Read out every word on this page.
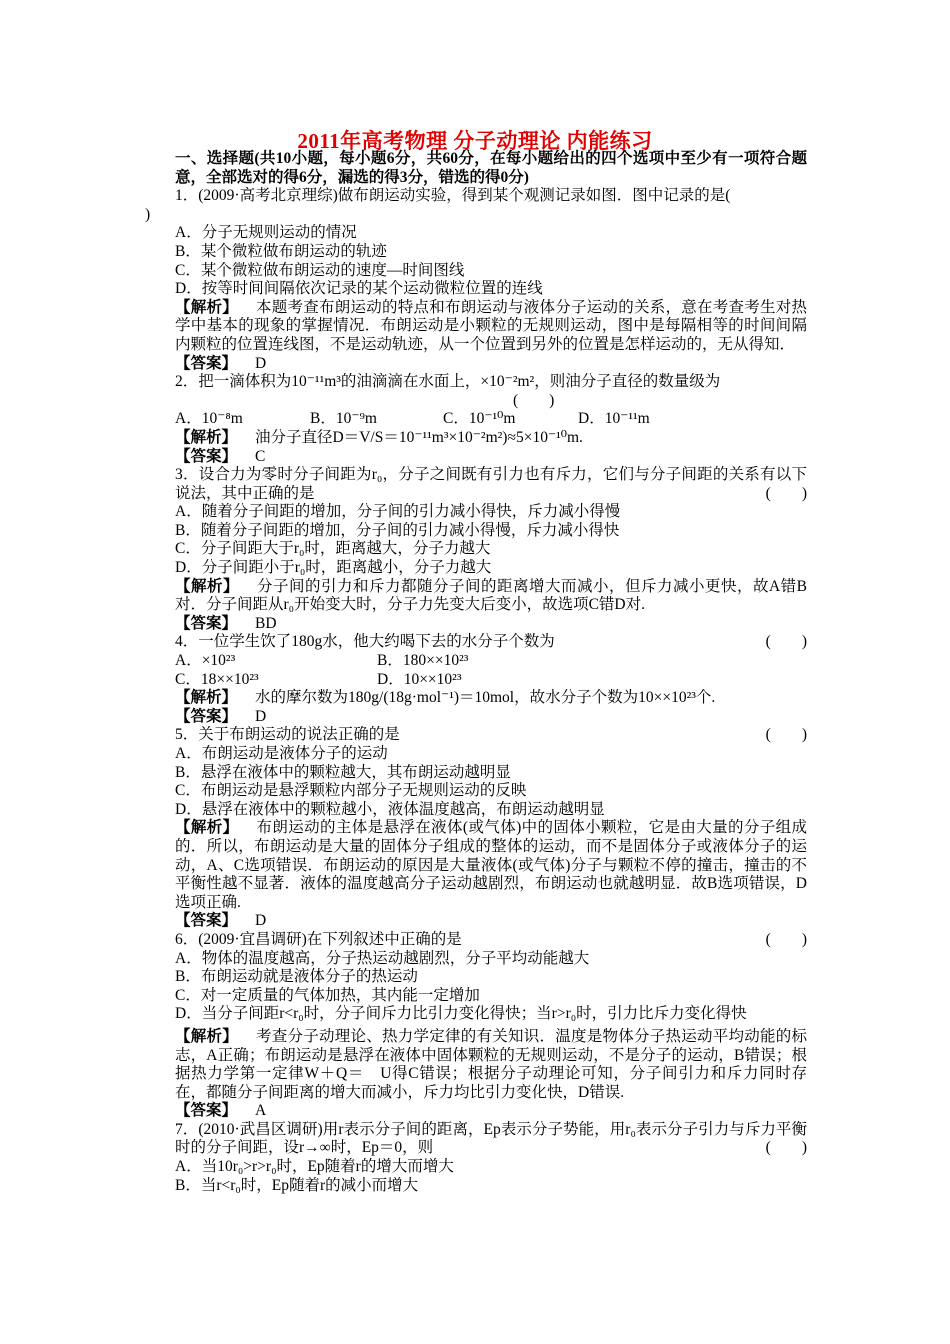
2011年高考物理 分子动理论 内能练习
一、选择题(共10小题，每小题6分，共60分，在每小题给出的四个选项中至少有一项符合题意，全部选对的得6分，漏选的得3分，错选的得0分)
1．(2009·高考北京理综)做布朗运动实验，得到某个观测记录如图．图中记录的是(
)
A．分子无规则运动的情况
B．某个微粒做布朗运动的轨迹
C．某个微粒做布朗运动的速度—时间图线
D．按等时间间隔依次记录的某个运动微粒位置的连线
【解析】 本题考查布朗运动的特点和布朗运动与液体分子运动的关系，意在考查考生对热学中基本的现象的掌握情况．布朗运动是小颗粒的无规则运动，图中是每隔相等的时间间隔内颗粒的位置连线图，不是运动轨迹，从一个位置到另外的位置是怎样运动的，无从得知．
【答案】 D
2．把一滴体积为10⁻¹¹m³的油滴滴在水面上，×10⁻²m²，则油分子直径的数量级为
(　　)
A．10⁻⁸m	B．10⁻⁹m	C．10⁻¹⁰m	D．10⁻¹¹m
【解析】 油分子直径D＝V/S＝10⁻¹¹m³×10⁻²m²)≈5×10⁻¹⁰m.
【答案】 C
3．设合力为零时分子间距为r₀，分子之间既有引力也有斥力，它们与分子间距的关系有以下说法，其中正确的是	(　　)
A．随着分子间距的增加，分子间的引力减小得快，斥力减小得慢
B．随着分子间距的增加，分子间的引力减小得慢，斥力减小得快
C．分子间距大于r₀时，距离越大，分子力越大
D．分子间距小于r₀时，距离越小，分子力越大
【解析】 分子间的引力和斥力都随分子间的距离增大而减小，但斥力减小更快，故A错B对．分子间距从r₀开始变大时，分子力先变大后变小，故选项C错D对.
【答案】 BD
4．一位学生饮了180g水，他大约喝下去的水分子个数为	(　　)
A．×10²³	B．180××10²³
C．18××10²³	D．10××10²³
【解析】 水的摩尔数为180g/(18g·mol⁻¹)＝10mol，故水分子个数为10××10²³个.
【答案】 D
5．关于布朗运动的说法正确的是	(　　)
A．布朗运动是液体分子的运动
B．悬浮在液体中的颗粒越大，其布朗运动越明显
C．布朗运动是悬浮颗粒内部分子无规则运动的反映
D．悬浮在液体中的颗粒越小，液体温度越高，布朗运动越明显
【解析】 布朗运动的主体是悬浮在液体(或气体)中的固体小颗粒，它是由大量的分子组成的．所以，布朗运动是大量的固体分子组成的整体的运动，而不是固体分子或液体分子的运动，A、C选项错误．布朗运动的原因是大量液体(或气体)分子与颗粒不停的撞击，撞击的不平衡性越不显著．液体的温度越高分子运动越剧烈，布朗运动也就越明显．故B选项错误，D选项正确.
【答案】 D
6．(2009·宜昌调研)在下列叙述中正确的是	(　　)
A．物体的温度越高，分子热运动越剧烈，分子平均动能越大
B．布朗运动就是液体分子的热运动
C．对一定质量的气体加热，其内能一定增加
D．当分子间距r<r₀时，分子间斥力比引力变化得快；当r>r₀时，引力比斥力变化得快
【解析】 考查分子动理论、热力学定律的有关知识．温度是物体分子热运动平均动能的标志，A正确；布朗运动是悬浮在液体中固体颗粒的无规则运动，不是分子的运动，B错误；根据热力学第一定律W＋Q＝　U得C错误；根据分子动理论可知，分子间引力和斥力同时存在，都随分子间距离的增大而减小，斥力均比引力变化快，D错误.
【答案】 A
7．(2010·武昌区调研)用r表示分子间的距离，Ep表示分子势能，用r₀表示分子引力与斥力平衡时的分子间距，设r→∞时，Ep＝0，则	(　　)
A．当10r₀>r>r₀时，Ep随着r的增大而增大
B．当r<r₀时，Ep随着r的减小而增大
